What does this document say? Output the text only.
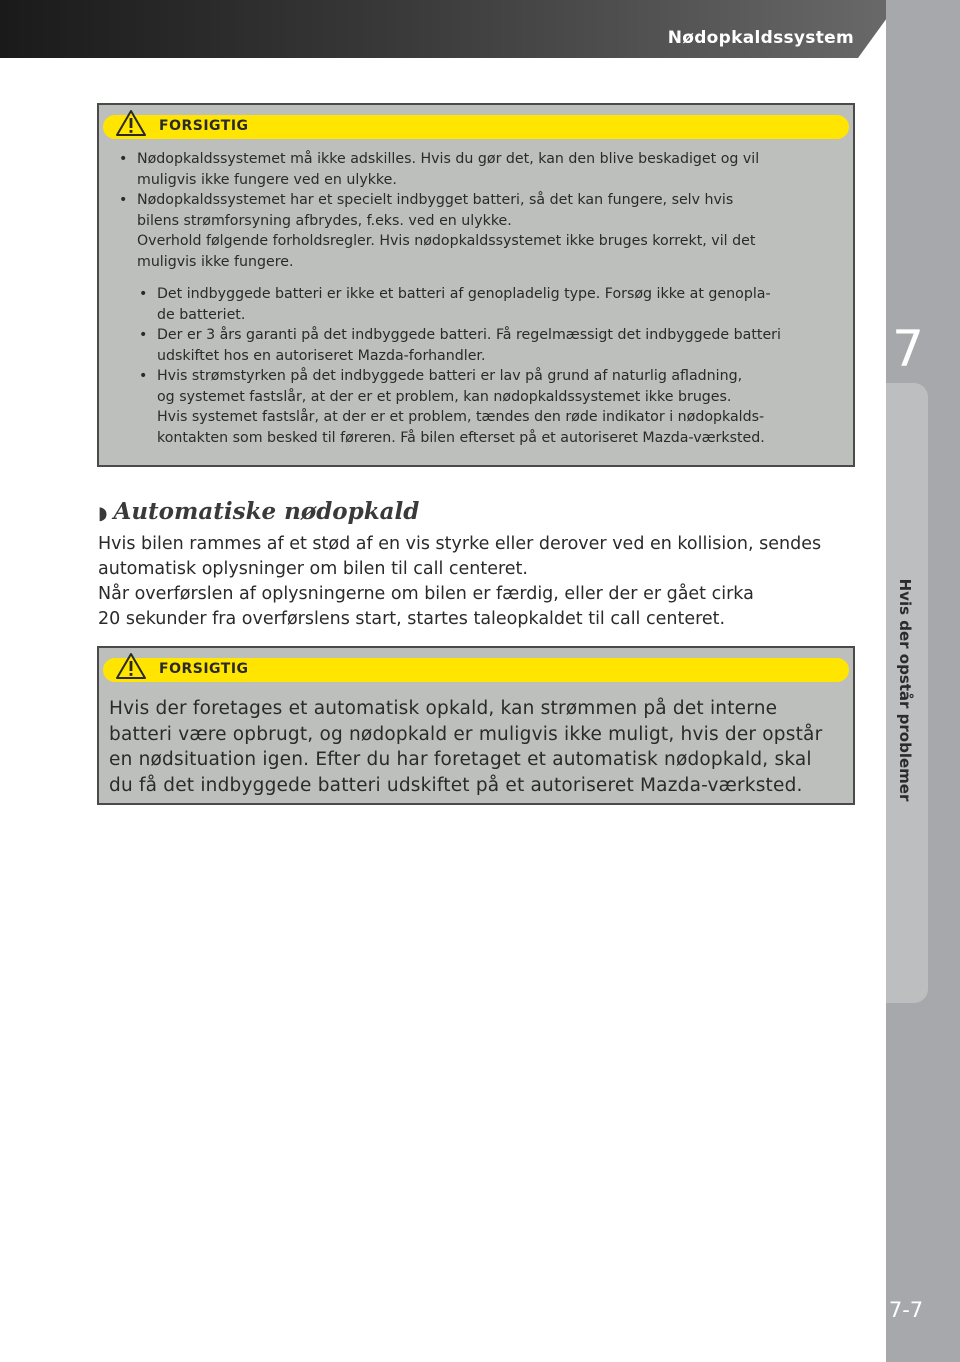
Nødopkaldssystem
7
Hvis der opstår problemer
7-7
FORSIGTIG
• Nødopkaldssystemet må ikke adskilles. Hvis du gør det, kan den blive beskadiget og vil
muligvis ikke fungere ved en ulykke.
• Nødopkaldssystemet har et specielt indbygget batteri, så det kan fungere, selv hvis
bilens strømforsyning afbrydes, f.eks. ved en ulykke.
Overhold følgende forholdsregler. Hvis nødopkaldssystemet ikke bruges korrekt, vil det
muligvis ikke fungere.
• Det indbyggede batteri er ikke et batteri af genopladelig type. Forsøg ikke at genopla-
de batteriet.
• Der er 3 års garanti på det indbyggede batteri. Få regelmæssigt det indbyggede batteri
udskiftet hos en autoriseret Mazda-forhandler.
• Hvis strømstyrken på det indbyggede batteri er lav på grund af naturlig afladning,
og systemet fastslår, at der er et problem, kan nødopkaldssystemet ikke bruges.
Hvis systemet fastslår, at der er et problem, tændes den røde indikator i nødopkalds-
kontakten som besked til føreren. Få bilen efterset på et autoriseret Mazda-værksted.
◗ Automatiske nødopkald
Hvis bilen rammes af et stød af en vis styrke eller derover ved en kollision, sendes
automatisk oplysninger om bilen til call centeret.
Når overførslen af oplysningerne om bilen er færdig, eller der er gået cirka
20 sekunder fra overførslens start, startes taleopkaldet til call centeret.
FORSIGTIG
Hvis der foretages et automatisk opkald, kan strømmen på det interne
batteri være opbrugt, og nødopkald er muligvis ikke muligt, hvis der opstår
en nødsituation igen. Efter du har foretaget et automatisk nødopkald, skal
du få det indbyggede batteri udskiftet på et autoriseret Mazda-værksted.
